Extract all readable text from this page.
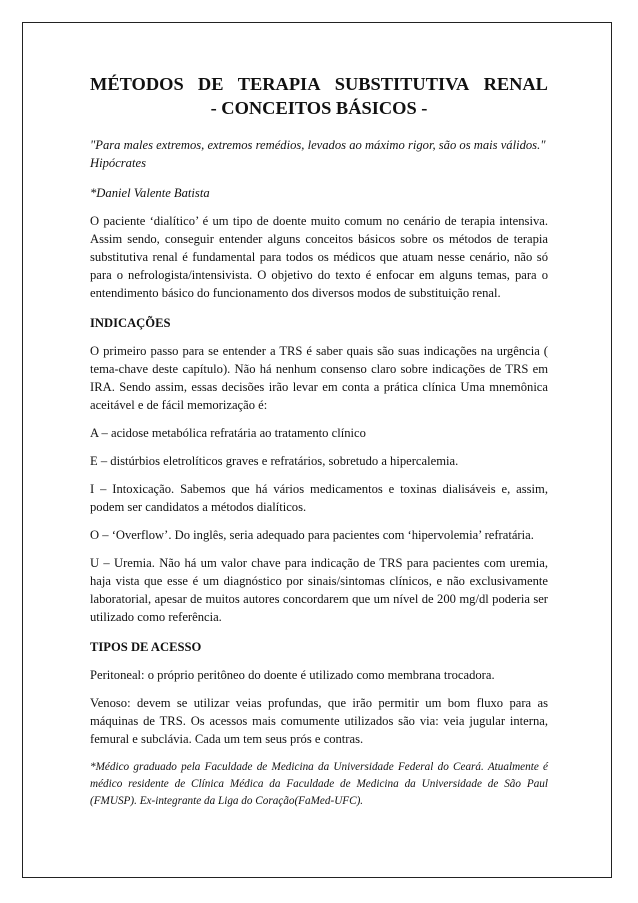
MÉTODOS DE TERAPIA SUBSTITUTIVA RENAL
- CONCEITOS BÁSICOS -
"Para males extremos, extremos remédios, levados ao máximo rigor, são os mais válidos."
Hipócrates
*Daniel Valente Batista

O paciente ‘dialítico’ é um tipo de doente muito comum no cenário de terapia intensiva. Assim sendo, conseguir entender alguns conceitos básicos sobre os métodos de terapia substitutiva renal é fundamental para todos os médicos que atuam nesse cenário, não só para o nefrologista/intensivista. O objetivo do texto é enfocar em alguns temas, para o entendimento básico do funcionamento dos diversos modos de substituição renal.

INDICAÇÕES

O primeiro passo para se entender a TRS é saber quais são suas indicações na urgência ( tema-chave deste capítulo). Não há nenhum consenso claro sobre indicações de TRS em IRA. Sendo assim, essas decisões irão levar em conta a prática clínica Uma mnemônica aceitável e de fácil memorização é:

A – acidose metabólica refratária ao tratamento clínico

E – distúrbios eletrolíticos graves e refratários, sobretudo a hipercalemia.

I – Intoxicação. Sabemos que há vários medicamentos e toxinas dialisáveis e, assim, podem ser candidatos a métodos dialíticos.

O – ‘Overflow’. Do inglês, seria adequado para pacientes com ‘hipervolemia’ refratária.

U – Uremia. Não há um valor chave para indicação de TRS para pacientes com uremia, haja vista que esse é um diagnóstico por sinais/sintomas clínicos, e não exclusivamente laboratorial, apesar de muitos autores concordarem que um nível de 200 mg/dl poderia ser utilizado como referência.

TIPOS DE ACESSO

Peritoneal: o próprio peritôneo do doente é utilizado como membrana trocadora.

Venoso: devem se utilizar veias profundas, que irão permitir um bom fluxo para as máquinas de TRS. Os acessos mais comumente utilizados são via: veia jugular interna, femural e subclávia. Cada um tem seus prós e contras.

*Médico graduado pela Faculdade de Medicina da Universidade Federal do Ceará. Atualmente é médico residente de Clínica Médica da Faculdade de Medicina da Universidade de São Paul (FMUSP). Ex-integrante da Liga do Coração(FaMed-UFC).
